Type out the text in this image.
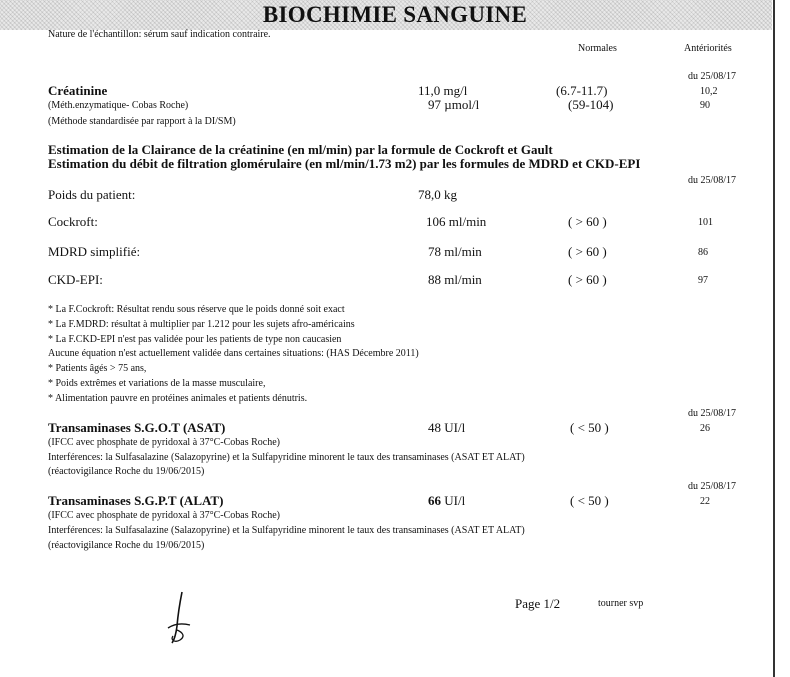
BIOCHIMIE SANGUINE
Nature de l'échantillon: sérum sauf indication contraire.
Normales	Antériorités
du 25/08/17
Créatinine	11,0 mg/l	(6.7-11.7)	10,2
(Méth.enzymatique- Cobas Roche)	97 µmol/l	(59-104)	90
(Méthode standardisée par rapport à la DI/SM)
Estimation de la Clairance de la créatinine (en ml/min) par la formule de Cockroft et Gault
Estimation du débit de filtration glomérulaire (en ml/min/1.73 m2) par les formules de MDRD et CKD-EPI
du 25/08/17
Poids du patient:	78,0 kg
Cockroft:	106 ml/min	( > 60 )	101
MDRD simplifié:	78 ml/min	( > 60 )	86
CKD-EPI:	88 ml/min	( > 60 )	97
* La F.Cockroft: Résultat rendu sous réserve que le poids donné soit exact
* La F.MDRD: résultat à multiplier par 1.212 pour les sujets afro-américains
* La F.CKD-EPI n'est pas validée pour les patients de type non caucasien
Aucune équation n'est actuellement validée dans certaines situations: (HAS Décembre 2011)
* Patients âgés > 75 ans,
* Poids extrêmes et variations de la masse musculaire,
* Alimentation pauvre en protéines animales et patients dénutris.
du 25/08/17
Transaminases S.G.O.T (ASAT)	48 UI/l	( < 50 )	26
(IFCC avec phosphate de pyridoxal à 37°C-Cobas Roche)
Interférences: la Sulfasalazine (Salazopyrine) et la Sulfapyridine minorent le taux des transaminases (ASAT ET ALAT)
(réactovigilance Roche du 19/06/2015)
du 25/08/17
Transaminases S.G.P.T (ALAT)	66 UI/l	( < 50 )	22
(IFCC avec phosphate de pyridoxal à 37°C-Cobas Roche)
Interférences: la Sulfasalazine (Salazopyrine) et la Sulfapyridine minorent le taux des transaminases (ASAT ET ALAT)
(réactovigilance Roche du 19/06/2015)
Page 1/2	tourner svp
